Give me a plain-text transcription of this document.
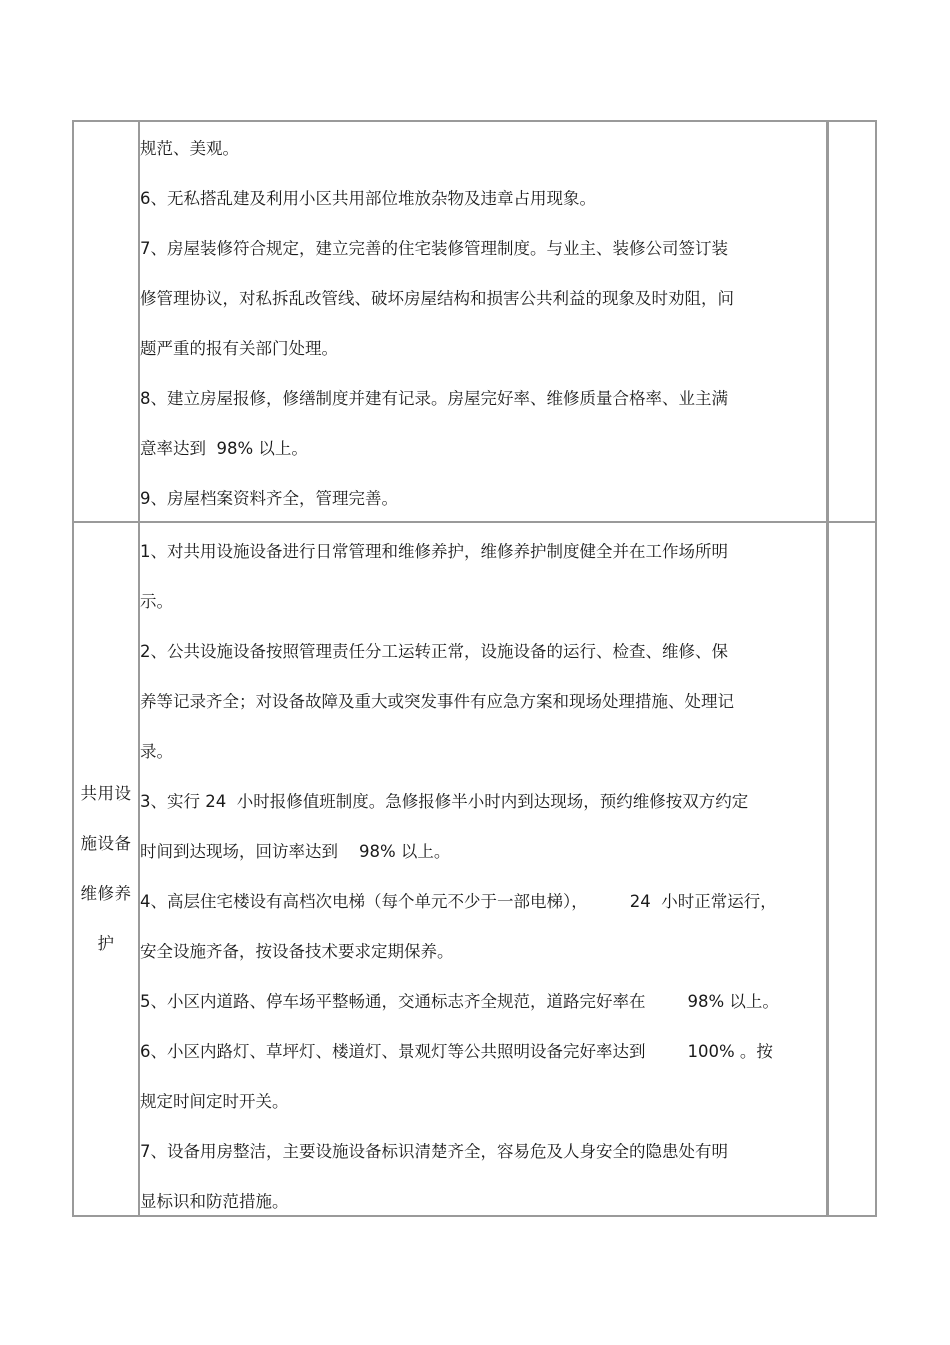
规范、美观。
6、无私搭乱建及利用小区共用部位堆放杂物及违章占用现象。
7、房屋装修符合规定，建立完善的住宅装修管理制度。与业主、装修公司签订装
修管理协议，对私拆乱改管线、破坏房屋结构和损害公共利益的现象及时劝阻，问
题严重的报有关部门处理。
8、建立房屋报修，修缮制度并建有记录。房屋完好率、维修质量合格率、业主满
意率达到  98% 以上。
9、房屋档案资料齐全，管理完善。
共用设施设备维修养护
1、对共用设施设备进行日常管理和维修养护，维修养护制度健全并在工作场所明
示。
2、公共设施设备按照管理责任分工运转正常，设施设备的运行、检查、维修、保
养等记录齐全；对设备故障及重大或突发事件有应急方案和现场处理措施、处理记
录。
3、实行 24  小时报修值班制度。急修报修半小时内到达现场，预约维修按双方约定
时间到达现场，回访率达到    98% 以上。
4、高层住宅楼设有高档次电梯（每个单元不少于一部电梯），        24  小时正常运行，
安全设施齐备，按设备技术要求定期保养。
5、小区内道路、停车场平整畅通，交通标志齐全规范，道路完好率在        98% 以上。
6、小区内路灯、草坪灯、楼道灯、景观灯等公共照明设备完好率达到        100% 。按
规定时间定时开关。
7、设备用房整洁，主要设施设备标识清楚齐全，容易危及人身安全的隐患处有明
显标识和防范措施。
